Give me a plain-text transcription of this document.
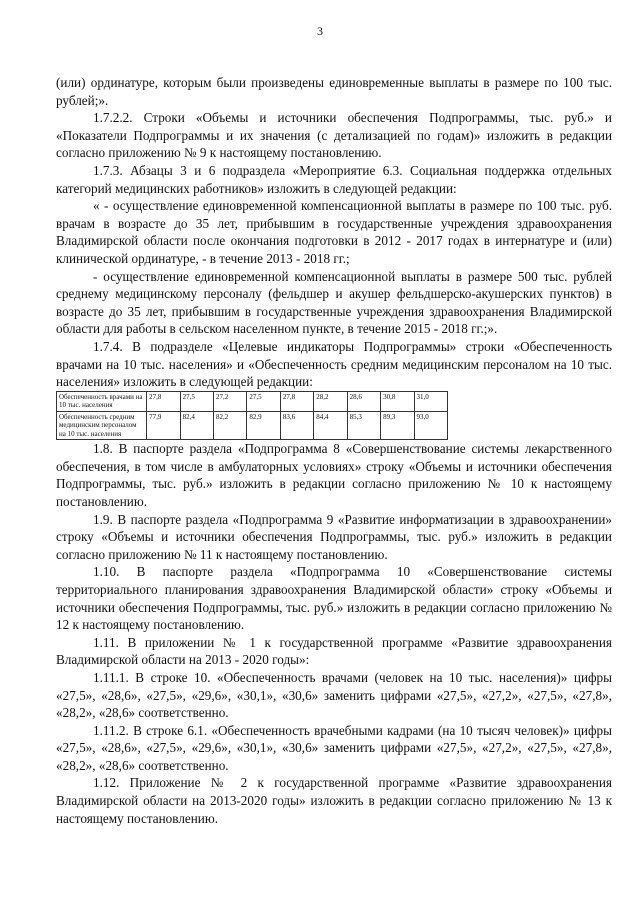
3

(или) ординатуре, которым были произведены единовременные выплаты в размере по 100 тыс. рублей;».

1.7.2.2. Строки «Объемы и источники обеспечения Подпрограммы, тыс. руб.» и «Показатели Подпрограммы и их значения (с детализацией по годам)» изложить в редакции согласно приложению № 9 к настоящему постановлению.

1.7.3. Абзацы 3 и 6 подраздела «Мероприятие 6.3. Социальная поддержка отдельных категорий медицинских работников» изложить в следующей редакции:

« - осуществление единовременной компенсационной выплаты в размере по 100 тыс. руб. врачам в возрасте до 35 лет, прибывшим в государственные учреждения здравоохранения Владимирской области после окончания подготовки в 2012 - 2017 годах в интернатуре и (или) клинической ординатуре, - в течение 2013 - 2018 гг.;

- осуществление единовременной компенсационной выплаты в размере 500 тыс. рублей среднему медицинскому персоналу (фельдшер и акушер фельдшерско-акушерских пунктов) в возрасте до 35 лет, прибывшим в государственные учреждения здравоохранения Владимирской области для работы в сельском населенном пункте, в течение 2015 - 2018 гг.;».

1.7.4. В подразделе «Целевые индикаторы Подпрограммы» строки «Обеспеченность врачами на 10 тыс. населения» и «Обеспеченность средним медицинским персоналом на 10 тыс. населения» изложить в следующей редакции:

Обеспеченность врачами на 10 тыс. населения	27,8	27,5	27,2	27,5	27,8	28,2	28,6	30,8	31,0
Обеспеченность средним медицинским персоналом на 10 тыс. населения	77,9	82,4	82,2	82,9	83,6	84,4	85,3	89,3	93,0

1.8. В паспорте раздела «Подпрограмма 8 «Совершенствование системы лекарственного обеспечения, в том числе в амбулаторных условиях» строку «Объемы и источники обеспечения Подпрограммы, тыс. руб.» изложить в редакции согласно приложению № 10 к настоящему постановлению.

1.9. В паспорте раздела «Подпрограмма 9 «Развитие информатизации в здравоохранении» строку «Объемы и источники обеспечения Подпрограммы, тыс. руб.» изложить в редакции согласно приложению № 11 к настоящему постановлению.

1.10. В паспорте раздела «Подпрограмма 10 «Совершенствование системы территориального планирования здравоохранения Владимирской области» строку «Объемы и источники обеспечения Подпрограммы, тыс. руб.» изложить в редакции согласно приложению № 12 к настоящему постановлению.

1.11. В приложении № 1 к государственной программе «Развитие здравоохранения Владимирской области на 2013 - 2020 годы»:

1.11.1. В строке 10. «Обеспеченность врачами (человек на 10 тыс. населения)» цифры «27,5», «28,6», «27,5», «29,6», «30,1», «30,6» заменить цифрами «27,5», «27,2», «27,5», «27,8», «28,2», «28,6» соответственно.

1.11.2. В строке 6.1. «Обеспеченность врачебными кадрами (на 10 тысяч человек)» цифры «27,5», «28,6», «27,5», «29,6», «30,1», «30,6» заменить цифрами «27,5», «27,2», «27,5», «27,8», «28,2», «28,6» соответственно.

1.12. Приложение № 2 к государственной программе «Развитие здравоохранения Владимирской области на 2013-2020 годы» изложить в редакции согласно приложению № 13 к настоящему постановлению.
